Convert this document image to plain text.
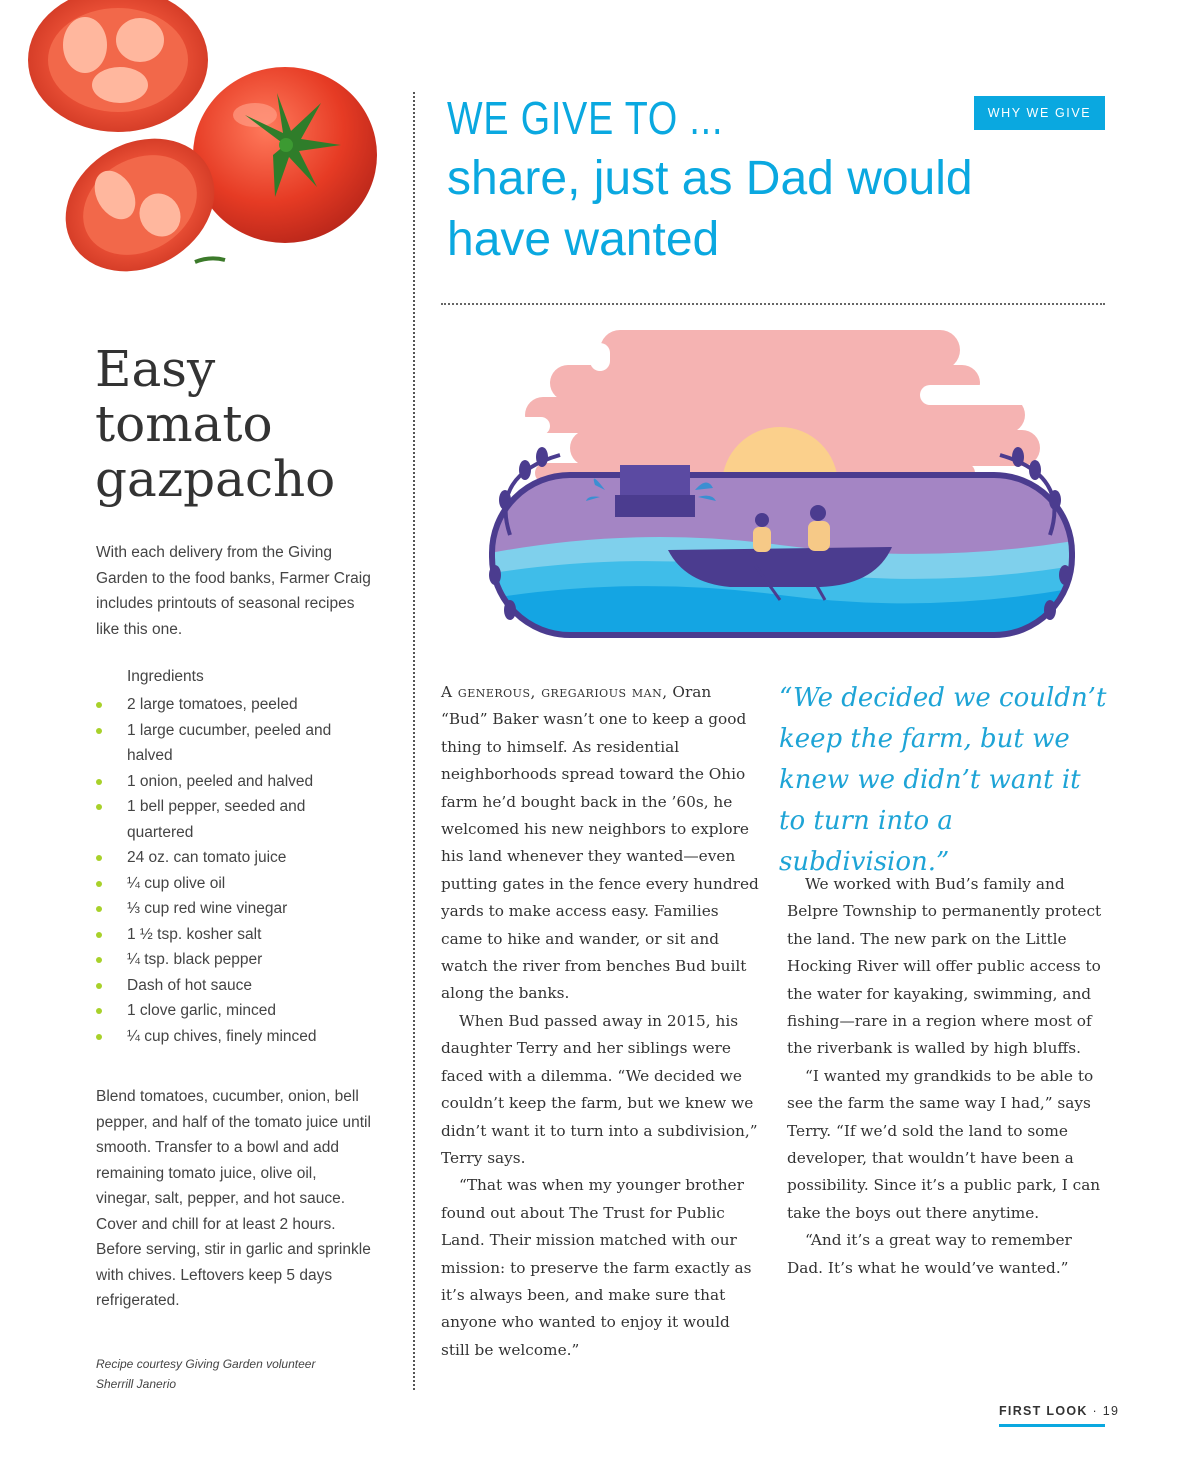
Easy tomato gazpacho

With each delivery from the Giving Garden to the food banks, Farmer Craig includes printouts of seasonal recipes like this one.

Ingredients
2 large tomatoes, peeled
1 large cucumber, peeled and halved
1 onion, peeled and halved
1 bell pepper, seeded and quartered
24 oz. can tomato juice
¼ cup olive oil
⅓ cup red wine vinegar
1 ½ tsp. kosher salt
¼ tsp. black pepper
Dash of hot sauce
1 clove garlic, minced
¼ cup chives, finely minced

Blend tomatoes, cucumber, onion, bell pepper, and half of the tomato juice until smooth. Transfer to a bowl and add remaining tomato juice, olive oil, vinegar, salt, pepper, and hot sauce. Cover and chill for at least 2 hours. Before serving, stir in garlic and sprinkle with chives. Leftovers keep 5 days refrigerated.

Recipe courtesy Giving Garden volunteer Sherrill Janerio

WE GIVE TO ...
share, just as Dad would have wanted
WHY WE GIVE

A generous, gregarious man, Oran “Bud” Baker wasn’t one to keep a good thing to himself. As residential neighborhoods spread toward the Ohio farm he’d bought back in the ’60s, he welcomed his new neighbors to explore his land whenever they wanted—even putting gates in the fence every hundred yards to make access easy. Families came to hike and wander, or sit and watch the river from benches Bud built along the banks.

When Bud passed away in 2015, his daughter Terry and her siblings were faced with a dilemma. “We decided we couldn’t keep the farm, but we knew we didn’t want it to turn into a subdivision,” Terry says.

“That was when my younger brother found out about The Trust for Public Land. Their mission matched with our mission: to preserve the farm exactly as it’s always been, and make sure that anyone who wanted to enjoy it would still be welcome.”

“We decided we couldn’t keep the farm, but we knew we didn’t want it to turn into a subdivision.”

We worked with Bud’s family and Belpre Township to permanently protect the land. The new park on the Little Hocking River will offer public access to the water for kayaking, swimming, and fishing—rare in a region where most of the riverbank is walled by high bluffs.

“I wanted my grandkids to be able to see the farm the same way I had,” says Terry. “If we’d sold the land to some developer, that wouldn’t have been a possibility. Since it’s a public park, I can take the boys out there anytime.

“And it’s a great way to remember Dad. It’s what he would’ve wanted.”

FIRST LOOK · 19
